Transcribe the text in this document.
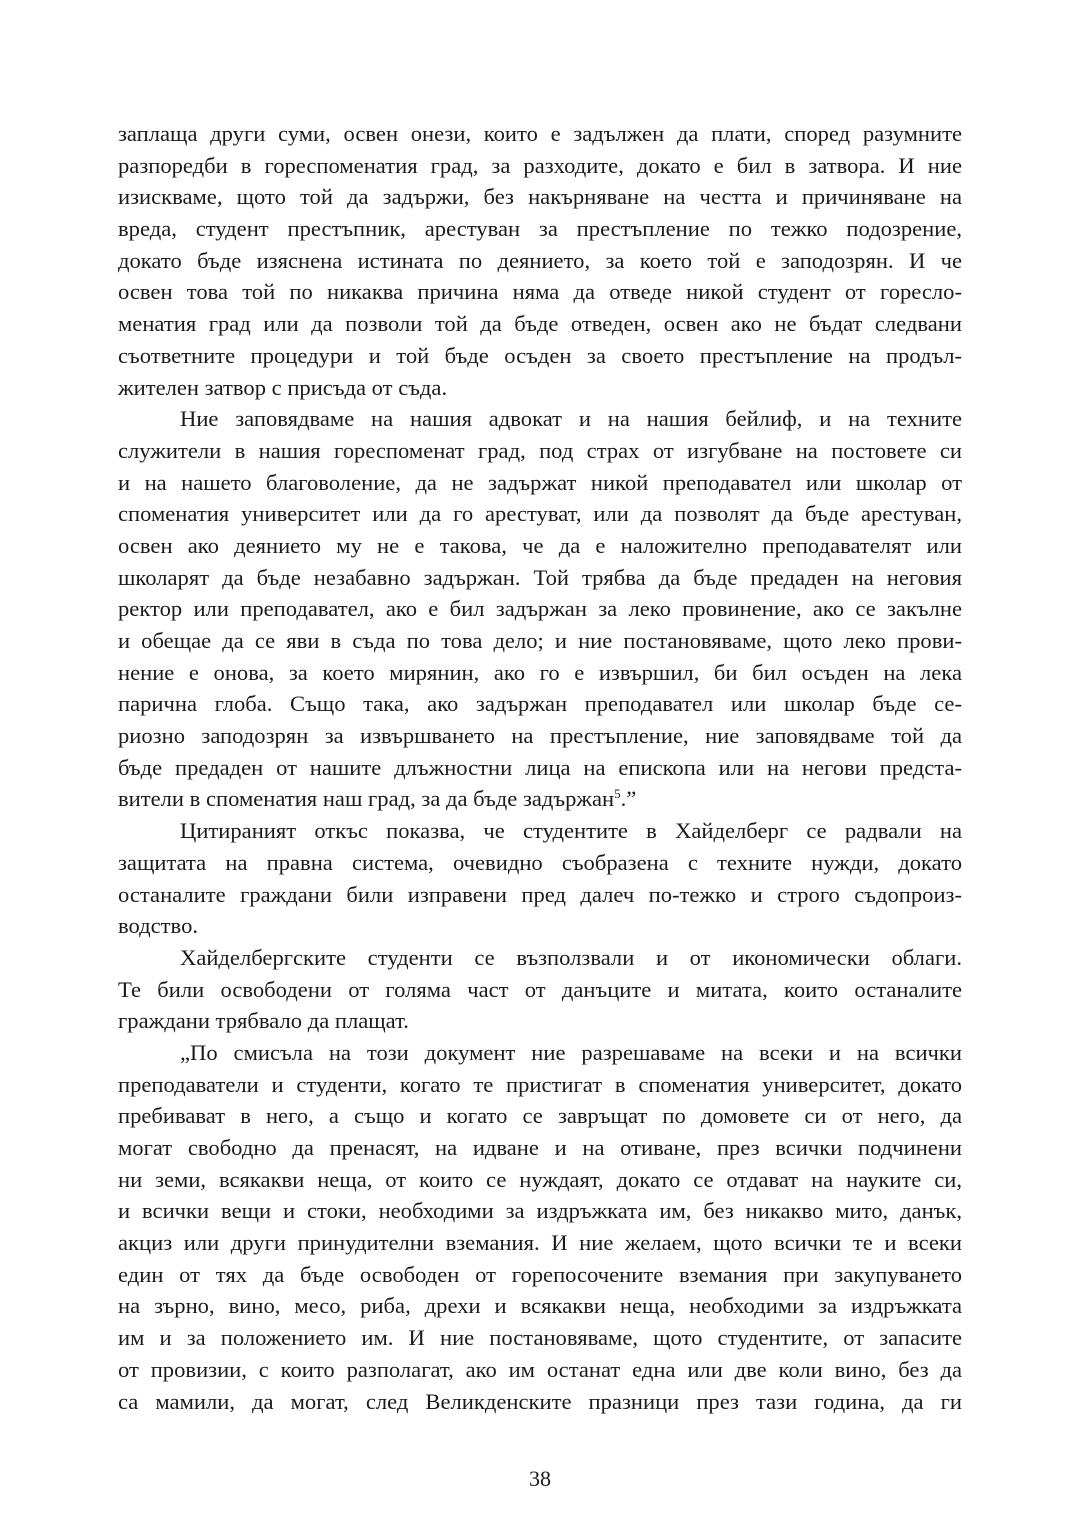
заплаща други суми, освен онези, които е задължен да плати, според разумните
разпоредби в гореспоменатия град, за разходите, докато е бил в затвора. И ние
изискваме, щото той да задържи, без накърняване на честта и причиняване на
вреда, студент престъпник, арестуван за престъпление по тежко подозрение,
докато бъде изяснена истината по деянието, за което той е заподозрян. И че
освен това той по никаква причина няма да отведе никой студент от горесло-
менатия град или да позволи той да бъде отведен, освен ако не бъдат следвани
съответните процедури и той бъде осъден за своето престъпление на продъл-
жителен затвор с присъда от съда.
Ние заповядваме на нашия адвокат и на нашия бейлиф, и на техните
служители в нашия гореспоменат град, под страх от изгубване на постовете си
и на нашето благоволение, да не задържат никой преподавател или школар от
споменатия университет или да го арестуват, или да позволят да бъде арестуван,
освен ако деянието му не е такова, че да е наложително преподавателят или
школарят да бъде незабавно задържан. Той трябва да бъде предаден на неговия
ректор или преподавател, ако е бил задържан за леко провинение, ако се закълне
и обещае да се яви в съда по това дело; и ние постановяваме, щото леко прови-
нение е онова, за което мирянин, ако го е извършил, би бил осъден на лека
парична глоба. Също така, ако задържан преподавател или школар бъде се-
риозно заподозрян за извършването на престъпление, ние заповядваме той да
бъде предаден от нашите длъжностни лица на епископа или на негови предста-
вители в споменатия наш град, за да бъде задържан$^5$.”
Цитираният откъс показва, че студентите в Хайделберг се радвали на
защитата на правна система, очевидно съобразена с техните нужди, докато
останалите граждани били изправени пред далеч по-тежко и строго съдопроиз-
водство.
Хайделбергските студенти се възползвали и от икономически облаги.
Те били освободени от голяма част от данъците и митата, които останалите
граждани трябвало да плащат.
„По смисъла на този документ ние разрешаваме на всеки и на всички
преподаватели и студенти, когато те пристигат в споменатия университет, докато
пребивават в него, а също и когато се завръщат по домовете си от него, да
могат свободно да пренасят, на идване и на отиване, през всички подчинени
ни земи, всякакви неща, от които се нуждаят, докато се отдават на науките си,
и всички вещи и стоки, необходими за издръжката им, без никакво мито, данък,
акциз или други принудителни вземания. И ние желаем, щото всички те и всеки
един от тях да бъде освободен от горепосочените вземания при закупуването
на зърно, вино, месо, риба, дрехи и всякакви неща, необходими за издръжката
им и за положението им. И ние постановяваме, щото студентите, от запасите
от провизии, с които разполагат, ако им останат една или две коли вино, без да
са мамили, да могат, след Великденските празници през тази година, да ги
38
